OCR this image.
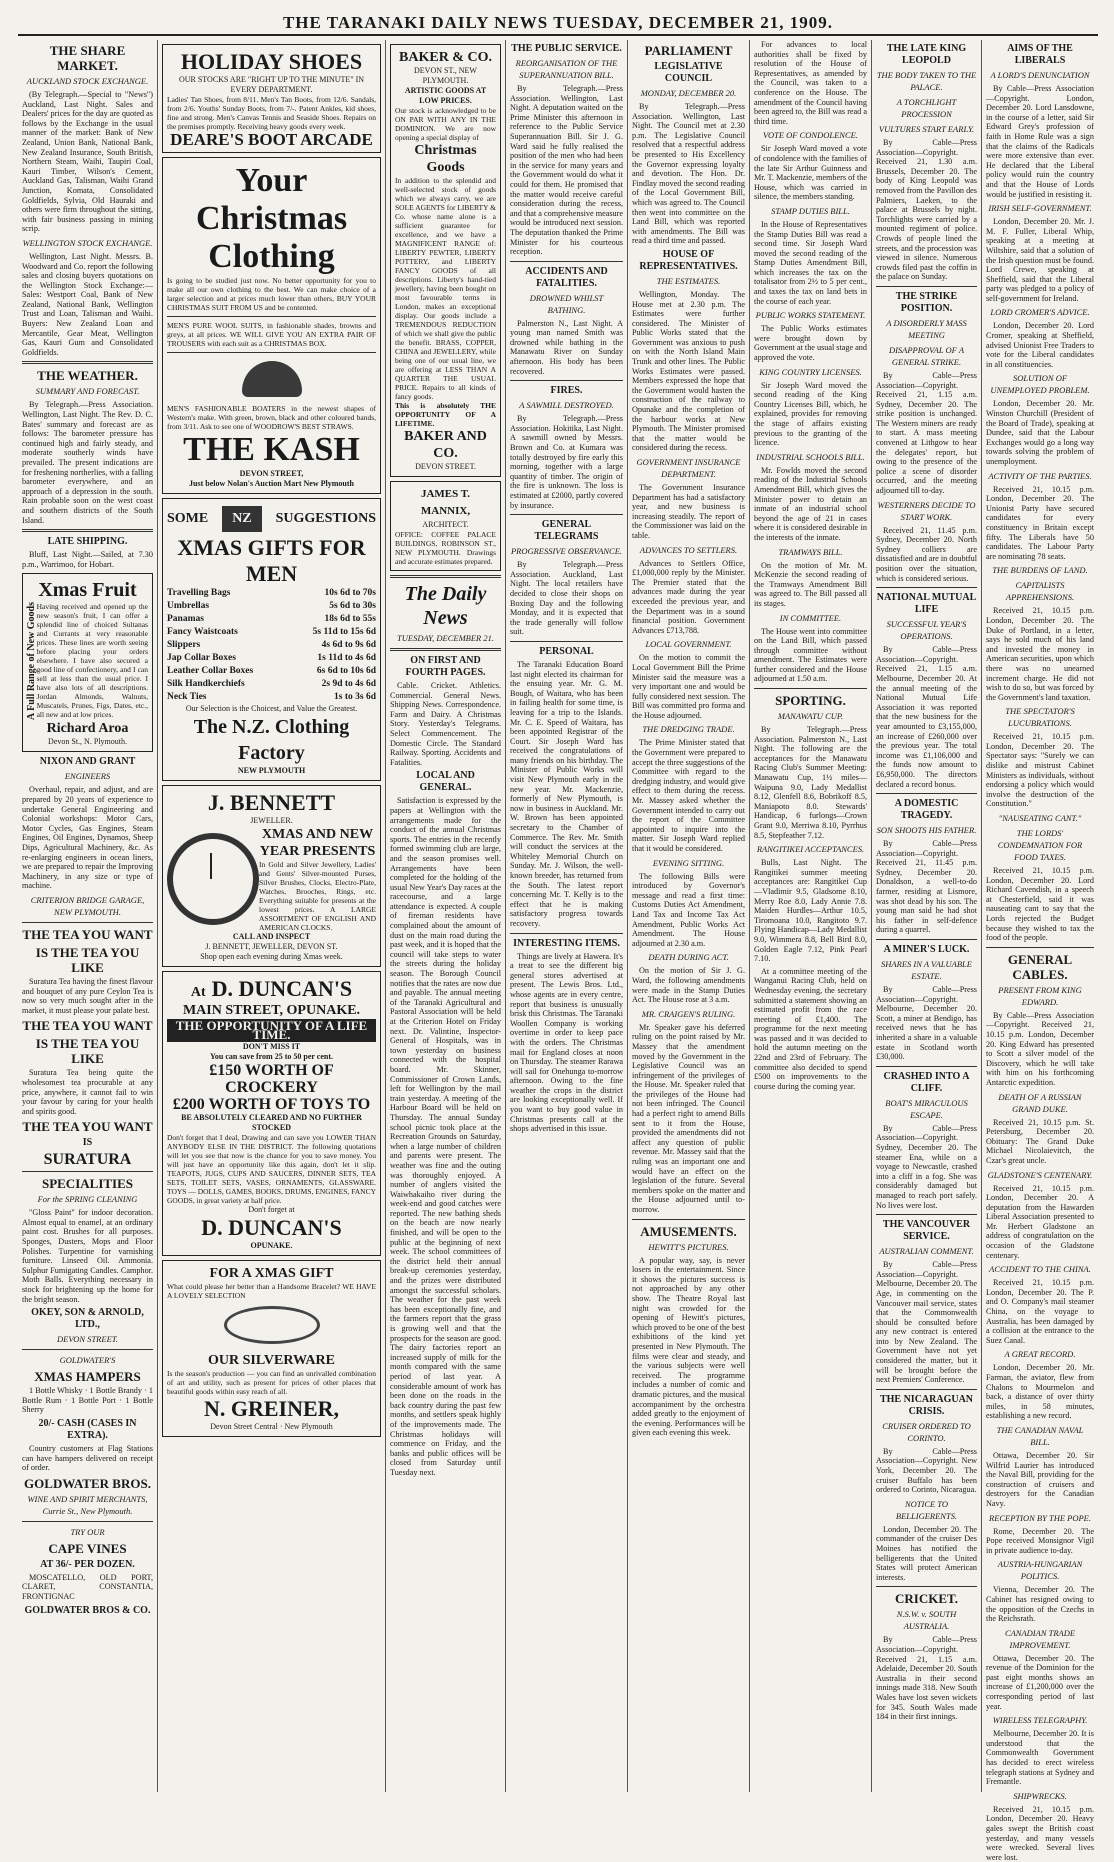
THE TARANAKI DAILY NEWS TUESDAY, DECEMBER 21, 1909.
THE SHARE MARKET.
AUCKLAND STOCK EXCHANGE.

(By Telegraph.—Special to "News") Auckland, Last Night. Sales and Dealers' prices for the day are quoted as follows by the Exchange in the usual manner of the market: Bank of New Zealand, Union Bank, National Bank, New Zealand Insurance, South British, Northern Steam, Waihi, Taupiri Coal, Kauri Timber, Wilson's Cement, Auckland Gas, Talisman, Waihi Grand Junction, Komata, Consolidated Goldfields, Sylvia, Old Hauraki and others were firm throughout the sitting, with fair business passing in mining scrip.

WELLINGTON STOCK EXCHANGE.

Wellington, Last Night. Messrs. B. Woodward and Co. report the following sales and closing buyers quotations on the Wellington Stock Exchange:— Sales: Westport Coal, Bank of New Zealand, National Bank, Wellington Trust and Loan, Talisman and Waihi. Buyers: New Zealand Loan and Mercantile, Gear Meat, Wellington Gas, Kauri Gum and Consolidated Goldfields.

THE WEATHER.
SUMMARY AND FORECAST.

By Telegraph.—Press Association. Wellington, Last Night. The Rev. D. C. Bates' summary and forecast are as follows: The barometer pressure has continued high and fairly steady, and moderate southerly winds have prevailed. The present indications are for freshening northerlies, with a falling barometer everywhere, and an approach of a depression in the south. Rain probable soon on the west coast and southern districts of the South Island.

LATE SHIPPING.

Bluff, Last Night.—Sailed, at 7.30 p.m., Warrimoo, for Hobart.

Xmas Fruit
A Full Range of New Goods Having received and opened up the new season's fruit, I can offer a splendid line of choiced Sultanas and Currants at very reasonable prices. These lines are worth seeing before placing your orders elsewhere. I have also secured a good line of confectionery, and I can sell at less than the usual price. I have also lots of all descriptions. Jordan Almonds, Walnuts, Muscatels, Prunes, Figs, Dates, etc., all new and at low prices.
Richard Aroa
Devon St., N. Plymouth.
NIXON AND GRANT
ENGINEERS

Overhaul, repair, and adjust, and are prepared by 20 years of experience to undertake General Engineering and Colonial workshops: Motor Cars, Motor Cycles, Gas Engines, Steam Engines, Oil Engines, Dynamos, Sheep Dips, Agricultural Machinery, &c. As re-enlarging engineers in ocean liners, we are prepared to repair the Improving Machinery, in any size or type of machine.

CRITERION BRIDGE GARAGE, NEW PLYMOUTH.
THE TEA YOU WANT
IS THE TEA YOU LIKE

Suratura Tea having the finest flavour and bouquet of any pure Ceylon Tea is now so very much sought after in the market, it must please your palate best.

THE TEA YOU WANT
IS THE TEA YOU LIKE

Suratura Tea being quite the wholesomest tea procurable at any price, anywhere, it cannot fail to win your favour by caring for your health and spirits good.

THE TEA YOU WANT
IS
SURATURA
SPECIALITIES
For the SPRING CLEANING

"Gloss Paint" for indoor decoration. Almost equal to enamel, at an ordinary paint cost. Brushes for all purposes. Sponges, Dusters, Mops and Floor Polishes. Turpentine for varnishing furniture. Linseed Oil. Ammonia. Sulphur Fumigating Candles. Camphor. Moth Balls. Everything necessary in stock for brightening up the home for the bright season.

OKEY, SON & ARNOLD, LTD.,
DEVON STREET.
GOLDWATER'S
XMAS HAMPERS

1 Bottle Whisky · 1 Bottle Brandy · 1 Bottle Rum · 1 Bottle Port · 1 Bottle Sherry

20/- CASH (CASES IN EXTRA).

Country customers at Flag Stations can have hampers delivered on receipt of order.

GOLDWATER BROS.
WINE AND SPIRIT MERCHANTS, Currie St., New Plymouth.
TRY OUR
CAPE VINES
AT 36/- PER DOZEN.

MOSCATELLO, OLD PORT, CLARET, CONSTANTIA, FRONTIGNAC

GOLDWATER BROS & CO.
HOLIDAY SHOES
OUR STOCKS ARE "RIGHT UP TO THE MINUTE" IN EVERY DEPARTMENT.
Ladies' Tan Shoes, from 8/11. Men's Tan Boots, from 12/6. Sandals, from 2/6. Youths' Sunday Boots, from 7/-. Patent Ankles, kid shoes, fine and strong. Men's Canvas Tennis and Seaside Shoes. Repairs on the premises promptly. Receiving heavy goods every week.
DEARE'S BOOT ARCADE
Your Christmas
Clothing
Is going to be studied just now. No better opportunity for you to make all our own clothing to the best. We can make choice of a larger selection and at prices much lower than others, BUY YOUR CHRISTMAS SUIT FROM US and be contented.
MEN'S PURE WOOL SUITS, in fashionable shades, browns and greys, at all prices. WE WILL GIVE YOU AN EXTRA PAIR OF TROUSERS with each suit as a CHRISTMAS BOX.
MEN'S FASHIONABLE BOATERS in the newest shapes of Western's make. With green, brown, black and other coloured bands, from 3/11. Ask to see one of WOODROW'S BEST STRAWS.
THE KASH
DEVON STREET,
Just below Nolan's Auction Mart New Plymouth
SOME	NZ	SUGGESTIONS
XMAS GIFTS FOR MEN
Travelling Bags	10s 6d to 70s
Umbrellas	5s 6d to 30s
Panamas	18s 6d to 55s
Fancy Waistcoats	5s 11d to 15s 6d
Slippers	4s 6d to 9s 6d
Jap Collar Boxes	1s 11d to 4s 6d
Leather Collar Boxes	6s 6d to 10s 6d
Silk Handkerchiefs	2s 9d to 4s 6d
Neck Ties	1s to 3s 6d
Our Selection is the Choicest, and Value the Greatest.
The N.Z. Clothing Factory
NEW PLYMOUTH
J. BENNETT
JEWELLER.
XMAS AND NEW YEAR PRESENTS
In Gold and Silver Jewellery, Ladies' and Gents' Silver-mounted Purses, Silver Brushes, Clocks, Electro-Plate, Watches, Brooches, Rings, etc. Everything suitable for presents at the lowest prices. A LARGE ASSORTMENT OF ENGLISH AND AMERICAN CLOCKS.
CALL AND INSPECT
J. BENNETT, JEWELLER, DEVON ST.
Shop open each evening during Xmas week.
At D. DUNCAN'S
MAIN STREET, OPUNAKE.
THE OPPORTUNITY OF A LIFE TIME.
DON'T MISS IT
You can save from 25 to 50 per cent.
£150 WORTH OF CROCKERY
£200 WORTH OF TOYS TO
BE ABSOLUTELY CLEARED AND NO FURTHER STOCKED
Don't forget that I deal, Drawing and can save you LOWER THAN ANYBODY ELSE IN THE DISTRICT. The following quotations will let you see that now is the chance for you to save money. You will just have an opportunity like this again, don't let it slip. TEAPOTS, JUGS, CUPS AND SAUCERS, DINNER SETS, TEA SETS, TOILET SETS, VASES, ORNAMENTS, GLASSWARE. TOYS — DOLLS, GAMES, BOOKS, DRUMS, ENGINES, FANCY GOODS, in great variety at half price.
Don't forget at
D. DUNCAN'S
OPUNAKE.
FOR A XMAS GIFT
What could please her better than a Handsome Bracelet? WE HAVE A LOVELY SELECTION
OUR SILVERWARE
Is the season's production — you can find an unrivalled combination of art and utility, such as present for prices of other places that beautiful goods within easy reach of all.
N. GREINER,
Devon Street Central · New Plymouth
BAKER & CO.
DEVON ST., NEW PLYMOUTH.
ARTISTIC GOODS AT LOW PRICES.
Our stock is acknowledged to be ON PAR WITH ANY IN THE DOMINION. We are now opening a special display of
Christmas Goods
In addition to the splendid and well-selected stock of goods which we always carry, we are SOLE AGENTS for LIBERTY & Co. whose name alone is a sufficient guarantee for excellence, and we have a MAGNIFICENT RANGE of: LIBERTY PEWTER, LIBERTY POTTERY, and LIBERTY FANCY GOODS of all descriptions. Liberty's hand-tied jewellery, having been bought on most favourable terms in London, makes an exceptional display. Our goods include a TREMENDOUS REDUCTION of which we shall give the public the benefit. BRASS, COPPER, CHINA and JEWELLERY, while being one of our usual line, we are offering at LESS THAN A QUARTER THE USUAL PRICE. Repairs to all kinds of fancy goods.
This is absolutely THE OPPORTUNITY OF A LIFETIME.
BAKER AND CO.
DEVON STREET.
JAMES T. MANNIX,
ARCHITECT.
OFFICE: COFFEE PALACE BUILDINGS, ROBINSON ST., NEW PLYMOUTH. Drawings and accurate estimates prepared.
The Daily News
TUESDAY, DECEMBER 21.
ON FIRST AND FOURTH PAGES.

Cable. Cricket. Athletics. Commercial. General News. Shipping News. Correspondence. Farm and Dairy. A Christmas Story. Yesterday's Telegrams. Select Commencement. The Domestic Circle. The Standard Railway. Sporting. Accidents and Fatalities.

LOCAL AND GENERAL.

Satisfaction is expressed by the papers at Wellington with the arrangements made for the conduct of the annual Christmas sports. The entries in the recently formed swimming club are large, and the season promises well. Arrangements have been completed for the holding of the usual New Year's Day races at the racecourse, and a large attendance is expected. A couple of fireman residents have complained about the amount of dust on the main road during the past week, and it is hoped that the council will take steps to water the streets during the holiday season. The Borough Council notifies that the rates are now due and payable. The annual meeting of the Taranaki Agricultural and Pastoral Association will be held at the Criterion Hotel on Friday next. Dr. Valintine, Inspector-General of Hospitals, was in town yesterday on business connected with the hospital board. Mr. Skinner, Commissioner of Crown Lands, left for Wellington by the mail train yesterday. A meeting of the Harbour Board will be held on Thursday. The annual Sunday school picnic took place at the Recreation Grounds on Saturday, when a large number of children and parents were present. The weather was fine and the outing was thoroughly enjoyed. A number of anglers visited the Waiwhakaiho river during the week-end and good catches were reported. The new bathing sheds on the beach are now nearly finished, and will be open to the public at the beginning of next week. The school committees of the district held their annual break-up ceremonies yesterday, and the prizes were distributed amongst the successful scholars. The weather for the past week has been exceptionally fine, and the farmers report that the grass is growing well and that the prospects for the season are good. The dairy factories report an increased supply of milk for the month compared with the same period of last year. A considerable amount of work has been done on the roads in the back country during the past few months, and settlers speak highly of the improvements made. The Christmas holidays will commence on Friday, and the banks and public offices will be closed from Saturday until Tuesday next.

THE PUBLIC SERVICE.
REORGANISATION OF THE SUPERANNUATION BILL.

By Telegraph.—Press Association. Wellington, Last Night. A deputation waited on the Prime Minister this afternoon in reference to the Public Service Superannuation Bill. Sir J. G. Ward said he fully realised the position of the men who had been in the service for many years and the Government would do what it could for them. He promised that the matter would receive careful consideration during the recess, and that a comprehensive measure would be introduced next session. The deputation thanked the Prime Minister for his courteous reception.

ACCIDENTS AND FATALITIES.
DROWNED WHILST BATHING.

Palmerston N., Last Night. A young man named Smith was drowned while bathing in the Manawatu River on Sunday afternoon. His body has been recovered.

FIRES.
A SAWMILL DESTROYED.

By Telegraph.—Press Association. Hokitika, Last Night. A sawmill owned by Messrs. Brown and Co. at Kumara was totally destroyed by fire early this morning, together with a large quantity of timber. The origin of the fire is unknown. The loss is estimated at £2000, partly covered by insurance.

GENERAL TELEGRAMS
PROGRESSIVE OBSERVANCE.

By Telegraph.—Press Association. Auckland, Last Night. The local retailers have decided to close their shops on Boxing Day and the following Monday, and it is expected that the trade generally will follow suit.

PERSONAL

The Taranaki Education Board last night elected its chairman for the ensuing year. Mr. G. M. Bough, of Waitara, who has been in failing health for some time, is leaving for a trip to the Islands. Mr. C. E. Speed of Waitara, has been appointed Registrar of the Court. Sir Joseph Ward has received the congratulations of many friends on his birthday. The Minister of Public Works will visit New Plymouth early in the new year. Mr. Mackenzie, formerly of New Plymouth, is now in business in Auckland. Mr. W. Brown has been appointed secretary to the Chamber of Commerce. The Rev. Mr. Smith will conduct the services at the Whiteley Memorial Church on Sunday. Mr. J. Wilson, the well-known breeder, has returned from the South. The latest report concerning Mr. T. Kelly is to the effect that he is making satisfactory progress towards recovery.

INTERESTING ITEMS.

Things are lively at Hawera. It's a treat to see the different big general stores advertised at present. The Lewis Bros. Ltd., whose agents are in every centre, report that business is unusually brisk this Christmas. The Taranaki Woollen Company is working overtime in order to keep pace with the orders. The Christmas mail for England closes at noon on Thursday. The steamer Rarawa will sail for Onehunga to-morrow afternoon. Owing to the fine weather the crops in the district are looking exceptionally well. If you want to buy good value in Christmas presents call at the shops advertised in this issue.

PARLIAMENT
LEGISLATIVE COUNCIL
MONDAY, DECEMBER 20.

By Telegraph.—Press Association. Wellington, Last Night. The Council met at 2.30 p.m. The Legislative Council resolved that a respectful address be presented to His Excellency the Governor expressing loyalty and devotion. The Hon. Dr. Findlay moved the second reading of the Local Government Bill, which was agreed to. The Council then went into committee on the Land Bill, which was reported with amendments. The Bill was read a third time and passed.

HOUSE OF REPRESENTATIVES.
THE ESTIMATES.

Wellington, Monday. The House met at 2.30 p.m. The Estimates were further considered. The Minister of Public Works stated that the Government was anxious to push on with the North Island Main Trunk and other lines. The Public Works Estimates were passed. Members expressed the hope that the Government would hasten the construction of the railway to Opunake and the completion of the harbour works at New Plymouth. The Minister promised that the matter would be considered during the recess.

GOVERNMENT INSURANCE DEPARTMENT.

The Government Insurance Department has had a satisfactory year, and new business is increasing steadily. The report of the Commissioner was laid on the table.

ADVANCES TO SETTLERS.

Advances to Settlers Office, £1,000,000 reply by the Minister. The Premier stated that the advances made during the year exceeded the previous year, and the Department was in a sound financial position. Government Advances £713,788.

LOCAL GOVERNMENT.

On the motion to commit the Local Government Bill the Prime Minister said the measure was a very important one and would be fully considered next session. The Bill was committed pro forma and the House adjourned.

THE DREDGING TRADE.

The Prime Minister stated that the Government were prepared to accept the three suggestions of the Committee with regard to the dredging industry, and would give effect to them during the recess. Mr. Massey asked whether the Government intended to carry out the report of the Committee appointed to inquire into the matter. Sir Joseph Ward replied that it would be considered.

EVENING SITTING.

The following Bills were introduced by Governor's message and read a first time: Customs Duties Act Amendment, Land Tax and Income Tax Act Amendment, Public Works Act Amendment. The House adjourned at 2.30 a.m.

DEATH DURING ACT.

On the motion of Sir J. G. Ward, the following amendments were made in the Stamp Duties Act. The House rose at 3 a.m.

MR. CRAIGEN'S RULING.

Mr. Speaker gave his deferred ruling on the point raised by Mr. Massey that the amendment moved by the Government in the Legislative Council was an infringement of the privileges of the House. Mr. Speaker ruled that the privileges of the House had not been infringed. The Council had a perfect right to amend Bills sent to it from the House, provided the amendments did not affect any question of public revenue. Mr. Massey said that the ruling was an important one and would have an effect on the legislation of the future. Several members spoke on the matter and the House adjourned until to-morrow.

AMUSEMENTS.
HEWITT'S PICTURES.

A popular way, say, is never losers in the entertainment. Since it shows the pictures success is not approached by any other show. The Theatre Royal last night was crowded for the opening of Hewitt's pictures, which proved to be one of the best exhibitions of the kind yet presented in New Plymouth. The films were clear and steady, and the various subjects were well received. The programme includes a number of comic and dramatic pictures, and the musical accompaniment by the orchestra added greatly to the enjoyment of the evening. Performances will be given each evening this week.

For advances to local authorities shall be fixed by resolution of the House of Representatives, as amended by the Council, was taken to a conference on the House. The amendment of the Council having been agreed to, the Bill was read a third time.

VOTE OF CONDOLENCE.

Sir Joseph Ward moved a vote of condolence with the families of the late Sir Arthur Guinness and Mr. T. Mackenzie, members of the House, which was carried in silence, the members standing.

STAMP DUTIES BILL.

In the House of Representatives the Stamp Duties Bill was read a second time. Sir Joseph Ward moved the second reading of the Stamp Duties Amendment Bill, which increases the tax on the totalisator from 2½ to 5 per cent., and taxes the tax on land bets in the course of each year.

PUBLIC WORKS STATEMENT.

The Public Works estimates were brought down by Government at the usual stage and approved the vote.

KING COUNTRY LICENSES.

Sir Joseph Ward moved the second reading of the King Country Licenses Bill, which, he explained, provides for removing the stage of affairs existing previous to the granting of the licence.

INDUSTRIAL SCHOOLS BILL.

Mr. Fowlds moved the second reading of the Industrial Schools Amendment Bill, which gives the Minister power to detain an inmate of an industrial school beyond the age of 21 in cases where it is considered desirable in the interests of the inmate.

TRAMWAYS BILL.

On the motion of Mr. M. McKenzie the second reading of the Tramways Amendment Bill was agreed to. The Bill passed all its stages.

IN COMMITTEE.

The House went into committee on the Land Bill, which passed through committee without amendment. The Estimates were further considered and the House adjourned at 1.50 a.m.

SPORTING.
MANAWATU CUP.

By Telegraph.—Press Association. Palmerston N., Last Night. The following are the acceptances for the Manawatu Racing Club's Summer Meeting: Manawatu Cup, 1½ miles—Waipuna 9.0, Lady Medallist 8.12, Glenfell 8.6, Bobrikoff 8.5, Maniapoto 8.0. Stewards' Handicap, 6 furlongs—Crown Grant 9.0, Merriwa 8.10, Pyrrhus 8.5, Stepfeather 7.12.

RANGITIKEI ACCEPTANCES.

Bulls, Last Night. The Rangitikei summer meeting acceptances are: Rangitikei Cup—Vladimir 9.5, Gladsome 8.10, Merry Roe 8.0, Lady Annie 7.8. Maiden Hurdles—Arthur 10.5, Tiromoana 10.0, Rangitoto 9.7. Flying Handicap—Lady Medallist 9.0, Wimmera 8.8, Bell Bird 8.0, Golden Eagle 7.12, Pink Pearl 7.10.

At a committee meeting of the Wanganui Racing Club, held on Wednesday evening, the secretary submitted a statement showing an estimated profit from the race meeting of £1,400. The programme for the next meeting was passed and it was decided to hold the autumn meeting on the 22nd and 23rd of February. The committee also decided to spend £500 on improvements to the course during the coming year.

THE LATE KING LEOPOLD
THE BODY TAKEN TO THE PALACE.
A TORCHLIGHT PROCESSION
VULTURES START EARLY.

By Cable—Press Association—Copyright. Received 21, 1.30 a.m. Brussels, December 20. The body of King Leopold was removed from the Pavillon des Palmiers, Laeken, to the palace at Brussels by night. Torchlights were carried by a mounted regiment of police. Crowds of people lined the streets, and the procession was viewed in silence. Numerous crowds filed past the coffin in the palace on Sunday.

THE STRIKE POSITION.
A DISORDERLY MASS MEETING
DISAPPROVAL OF A GENERAL STRIKE.

By Cable—Press Association—Copyright. Received 21, 1.15 a.m. Sydney, December 20. The strike position is unchanged. The Western miners are ready to start. A mass meeting convened at Lithgow to hear the delegates' report, but owing to the presence of the police a scene of disorder occurred, and the meeting adjourned till to-day.

WESTERNERS DECIDE TO START WORK.

Received 21, 11.45 p.m. Sydney, December 20. North Sydney colliers are dissatisfied and are in doubtful position over the situation, which is considered serious.

NATIONAL MUTUAL LIFE
SUCCESSFUL YEAR'S OPERATIONS.

By Cable—Press Association—Copyright. Received 21, 1.15 a.m. Melbourne, December 20. At the annual meeting of the National Mutual Life Association it was reported that the new business for the year amounted to £3,155,000, an increase of £260,000 over the previous year. The total income was £1,106,000 and the funds now amount to £6,950,000. The directors declared a record bonus.

A DOMESTIC TRAGEDY.
SON SHOOTS HIS FATHER.

By Cable—Press Association—Copyright. Received 21, 11.45 p.m. Sydney, December 20. Donaldson, a well-to-do farmer, residing at Lismore, was shot dead by his son. The young man said he had shot his father in self-defence during a quarrel.

A MINER'S LUCK.
SHARES IN A VALUABLE ESTATE.

By Cable—Press Association—Copyright. Melbourne, December 20. Scott, a miner at Bendigo, has received news that he has inherited a share in a valuable estate in Scotland worth £30,000.

CRASHED INTO A CLIFF.
BOAT'S MIRACULOUS ESCAPE.

By Cable—Press Association—Copyright. Sydney, December 20. The steamer Ena, while on a voyage to Newcastle, crashed into a cliff in a fog. She was considerably damaged but managed to reach port safely. No lives were lost.

THE VANCOUVER SERVICE.
AUSTRALIAN COMMENT.

By Cable—Press Association—Copyright. Melbourne, December 20. The Age, in commenting on the Vancouver mail service, states that the Commonwealth should be consulted before any new contract is entered into by New Zealand. The Government have not yet considered the matter, but it will be brought before the next Premiers' Conference.

THE NICARAGUAN CRISIS.
CRUISER ORDERED TO CORINTO.

By Cable—Press Association—Copyright. New York, December 20. The cruiser Buffalo has been ordered to Corinto, Nicaragua.

NOTICE TO BELLIGERENTS.

London, December 20. The commander of the cruiser Des Moines has notified the belligerents that the United States will protect American interests.

CRICKET.
N.S.W. v. SOUTH AUSTRALIA.

By Cable—Press Association—Copyright. Received 21, 1.15 a.m. Adelaide, December 20. South Australia in their second innings made 318. New South Wales have lost seven wickets for 345. South Wales made 184 in their first innings.

AIMS OF THE LIBERALS
A LORD'S DENUNCIATION

By Cable—Press Association—Copyright. London, December 20. Lord Lansdowne, in the course of a letter, said Sir Edward Grey's profession of faith in Home Rule was a sign that the claims of the Radicals were more extensive than ever. He declared that the Liberal policy would ruin the country and that the House of Lords would be justified in resisting it.

IRISH SELF-GOVERNMENT.

London, December 20. Mr. J. M. F. Fuller, Liberal Whip, speaking at a meeting at Wiltshire, said that a solution of the Irish question must be found. Lord Crewe, speaking at Sheffield, said that the Liberal party was pledged to a policy of self-government for Ireland.

LORD CROMER'S ADVICE.

London, December 20. Lord Cromer, speaking at Sheffield, advised Unionist Free Traders to vote for the Liberal candidates in all constituencies.

SOLUTION OF UNEMPLOYED PROBLEM.

London, December 20. Mr. Winston Churchill (President of the Board of Trade), speaking at Dundee, said that the Labour Exchanges would go a long way towards solving the problem of unemployment.

ACTIVITY OF THE PARTIES.

Received 21, 10.15 p.m. London, December 20. The Unionist Party have secured candidates for every constituency in Britain except fifty. The Liberals have 50 candidates. The Labour Party are nominating 78 seats.

THE BURDENS OF LAND.
CAPITALISTS APPREHENSIONS.

Received 21, 10.15 p.m. London, December 20. The Duke of Portland, in a letter, says he sold much of his land and invested the money in American securities, upon which there was no unearned increment charge. He did not wish to do so, but was forced by the Government's land taxation.

THE SPECTATOR'S LUCUBRATIONS.

Received 21, 10.15 p.m. London, December 20. The Spectator says: "Surely we can dislike and mistrust Cabinet Ministers as individuals, without endorsing a policy which would involve the destruction of the Constitution."

"NAUSEATING CANT."
THE LORDS' CONDEMNATION FOR FOOD TAXES.

Received 21, 10.15 p.m. London, December 20. Lord Richard Cavendish, in a speech at Chesterfield, said it was nauseating cant to say that the Lords rejected the Budget because they wished to tax the food of the people.

GENERAL CABLES.
PRESENT FROM KING EDWARD.

By Cable—Press Association—Copyright. Received 21, 10.15 p.m. London, December 20. King Edward has presented to Scott a silver model of the Discovery, which he will take with him on his forthcoming Antarctic expedition.

DEATH OF A RUSSIAN GRAND DUKE.

Received 21, 10.15 p.m. St. Petersburg, December 20. Obituary: The Grand Duke Michael Nicolaievitch, the Czar's great uncle.

GLADSTONE'S CENTENARY.

Received 21, 10.15 p.m. London, December 20. A deputation from the Hawarden Liberal Association presented to Mr. Herbert Gladstone an address of congratulation on the occasion of the Gladstone centenary.

ACCIDENT TO THE CHINA.

Received 21, 10.15 p.m. London, December 20. The P. and O. Company's mail steamer China, on the voyage to Australia, has been damaged by a collision at the entrance to the Suez Canal.

A GREAT RECORD.

London, December 20. Mr. Farman, the aviator, flew from Chalons to Mourmelon and back, a distance of over thirty miles, in 58 minutes, establishing a new record.

THE CANADIAN NAVAL BILL.

Ottawa, December 20. Sir Wilfrid Laurier has introduced the Naval Bill, providing for the construction of cruisers and destroyers for the Canadian Navy.

RECEPTION BY THE POPE.

Rome, December 20. The Pope received Monsignor Vigil in private audience to-day.

AUSTRIA-HUNGARIAN POLITICS.

Vienna, December 20. The Cabinet has resigned owing to the opposition of the Czechs in the Reichsrath.

CANADIAN TRADE IMPROVEMENT.

Ottawa, December 20. The revenue of the Dominion for the past eight months shows an increase of £1,200,000 over the corresponding period of last year.

WIRELESS TELEGRAPHY.

Melbourne, December 20. It is understood that the Commonwealth Government has decided to erect wireless telegraph stations at Sydney and Fremantle.

SHIPWRECKS.

Received 21, 10.15 p.m. London, December 20. Heavy gales swept the British coast yesterday, and many vessels were wrecked. Several lives were lost.
